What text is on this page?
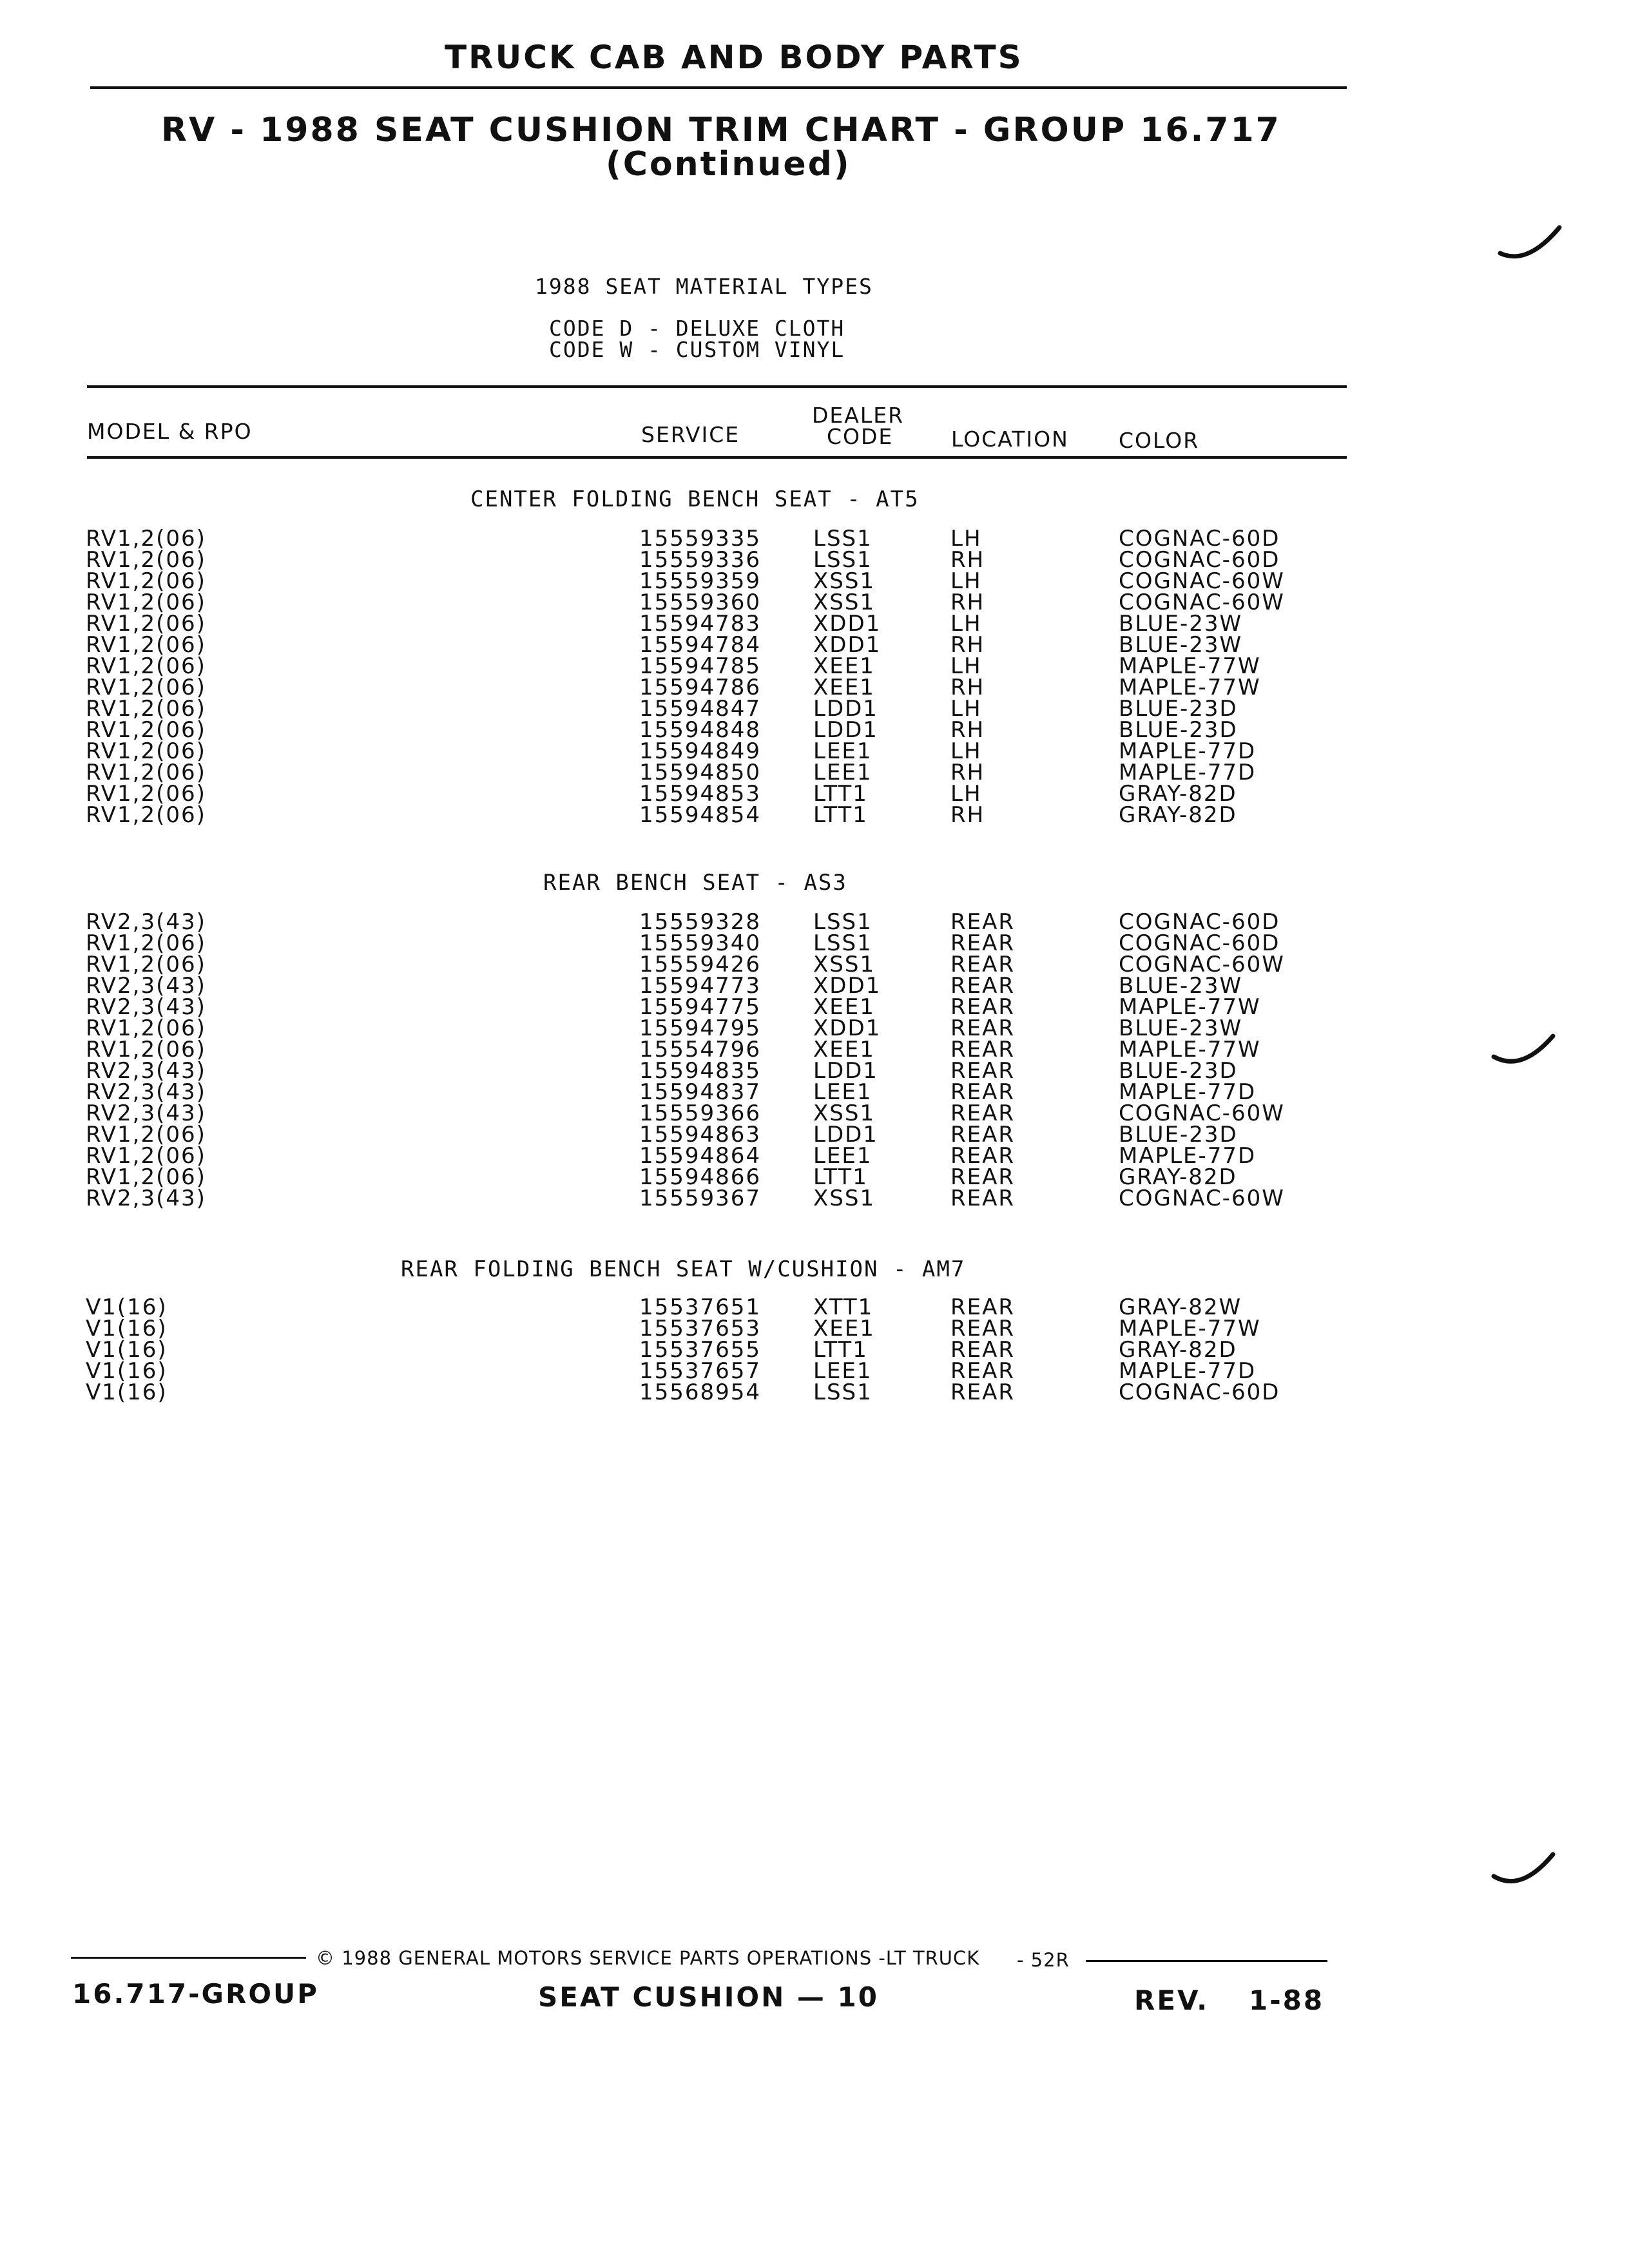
TRUCK CAB AND BODY PARTS
RV - 1988 SEAT CUSHION TRIM CHART - GROUP 16.717
(Continued)
1988 SEAT MATERIAL TYPES
CODE D - DELUXE CLOTH
CODE W - CUSTOM VINYL
MODEL & RPO	SERVICE
DEALER
CODE	LOCATION COLOR
CENTER FOLDING BENCH SEAT - AT5
RV1,2(06)	15559335 LSS1	LH	COGNAC-60D
RV1,2(06)	15559336 LSS1	RH	COGNAC-60D
RV1,2(06)	15559359 XSS1	LH	COGNAC-60W
RV1,2(06)	15559360 XSS1	RH	COGNAC-60W
RV1,2(06)	15594783 XDD1	LH	BLUE-23W
RV1,2(06)	15594784 XDD1	RH	BLUE-23W
RV1,2(06)	15594785 XEE1	LH	MAPLE-77W
RV1,2(06)	15594786 XEE1	RH	MAPLE-77W
RV1,2(06)	15594847 LDD1	LH	BLUE-23D
RV1,2(06)	15594848 LDD1	RH	BLUE-23D
RV1,2(06)	15594849 LEE1	LH	MAPLE-77D
RV1,2(06)	15594850 LEE1	RH	MAPLE-77D
RV1,2(06)	15594853 LTT1	LH	GRAY-82D
RV1,2(06)	15594854 LTT1	RH	GRAY-82D
REAR BENCH SEAT - AS3
RV2,3(43)	15559328 LSS1	REAR	COGNAC-60D
RV1,2(06)	15559340 LSS1	REAR	COGNAC-60D
RV1,2(06)	15559426 XSS1	REAR	COGNAC-60W
RV2,3(43)	15594773 XDD1	REAR	BLUE-23W
RV2,3(43)	15594775 XEE1	REAR	MAPLE-77W
RV1,2(06)	15594795 XDD1	REAR	BLUE-23W
RV1,2(06)	15554796 XEE1	REAR	MAPLE-77W
RV2,3(43)	15594835 LDD1	REAR	BLUE-23D
RV2,3(43)	15594837 LEE1	REAR	MAPLE-77D
RV2,3(43)	15559366 XSS1	REAR	COGNAC-60W
RV1,2(06)	15594863 LDD1	REAR	BLUE-23D
RV1,2(06)	15594864 LEE1	REAR	MAPLE-77D
RV1,2(06)	15594866 LTT1	REAR	GRAY-82D
RV2,3(43)	15559367 XSS1	REAR	COGNAC-60W
REAR FOLDING BENCH SEAT W/CUSHION - AM7
V1(16)	15537651 XTT1	REAR	GRAY-82W
V1(16)	15537653 XEE1	REAR	MAPLE-77W
V1(16)	15537655 LTT1	REAR	GRAY-82D
V1(16)	15537657 LEE1	REAR	MAPLE-77D
V1(16)	15568954 LSS1	REAR	COGNAC-60D
© 1988 GENERAL MOTORS SERVICE PARTS OPERATIONS -LT TRUCK - 52R
16.717-GROUP	SEAT CUSHION — 10	REV. 1-88
